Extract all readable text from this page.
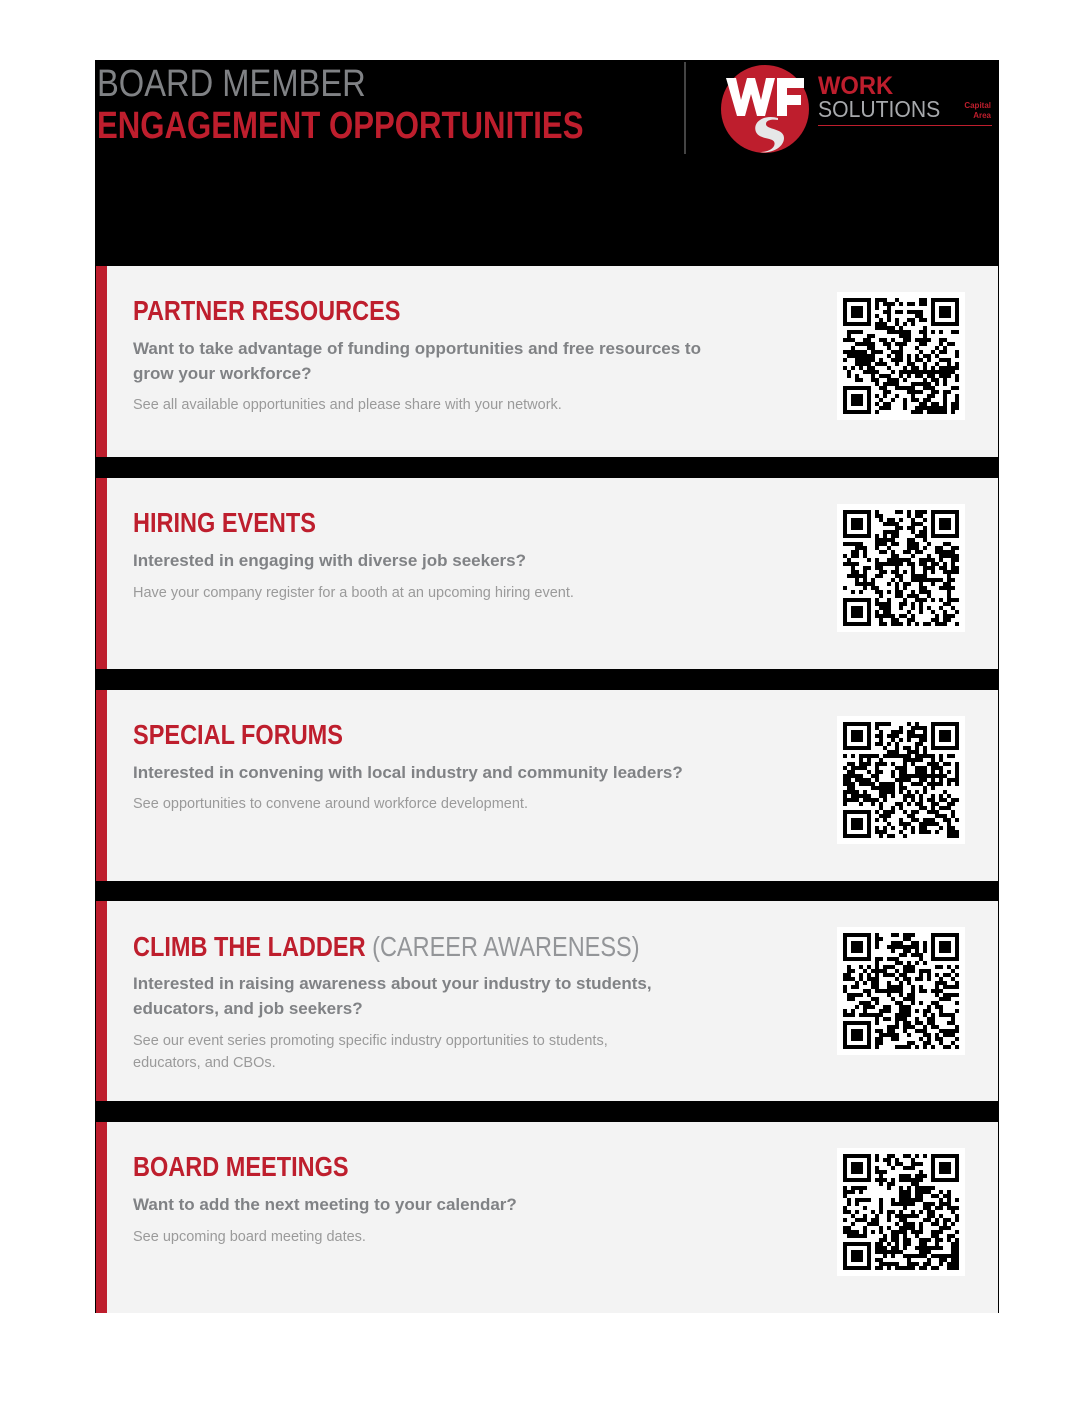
BOARD MEMBER
ENGAGEMENT OPPORTUNITIES
WORK
SOLUTIONS	Capital Area
PARTNER RESOURCES

Want to take advantage of funding opportunities and free resources to grow your workforce?

See all available opportunities and please share with your network.

HIRING EVENTS

Interested in engaging with diverse job seekers?

Have your company register for a booth at an upcoming hiring event.

SPECIAL FORUMS

Interested in convening with local industry and community leaders?

See opportunities to convene around workforce development.

CLIMB THE LADDER (CAREER AWARENESS)

Interested in raising awareness about your industry to students, educators, and job seekers?

See our event series promoting specific industry opportunities to students, educators, and CBOs.

BOARD MEETINGS

Want to add the next meeting to your calendar?

See upcoming board meeting dates.
